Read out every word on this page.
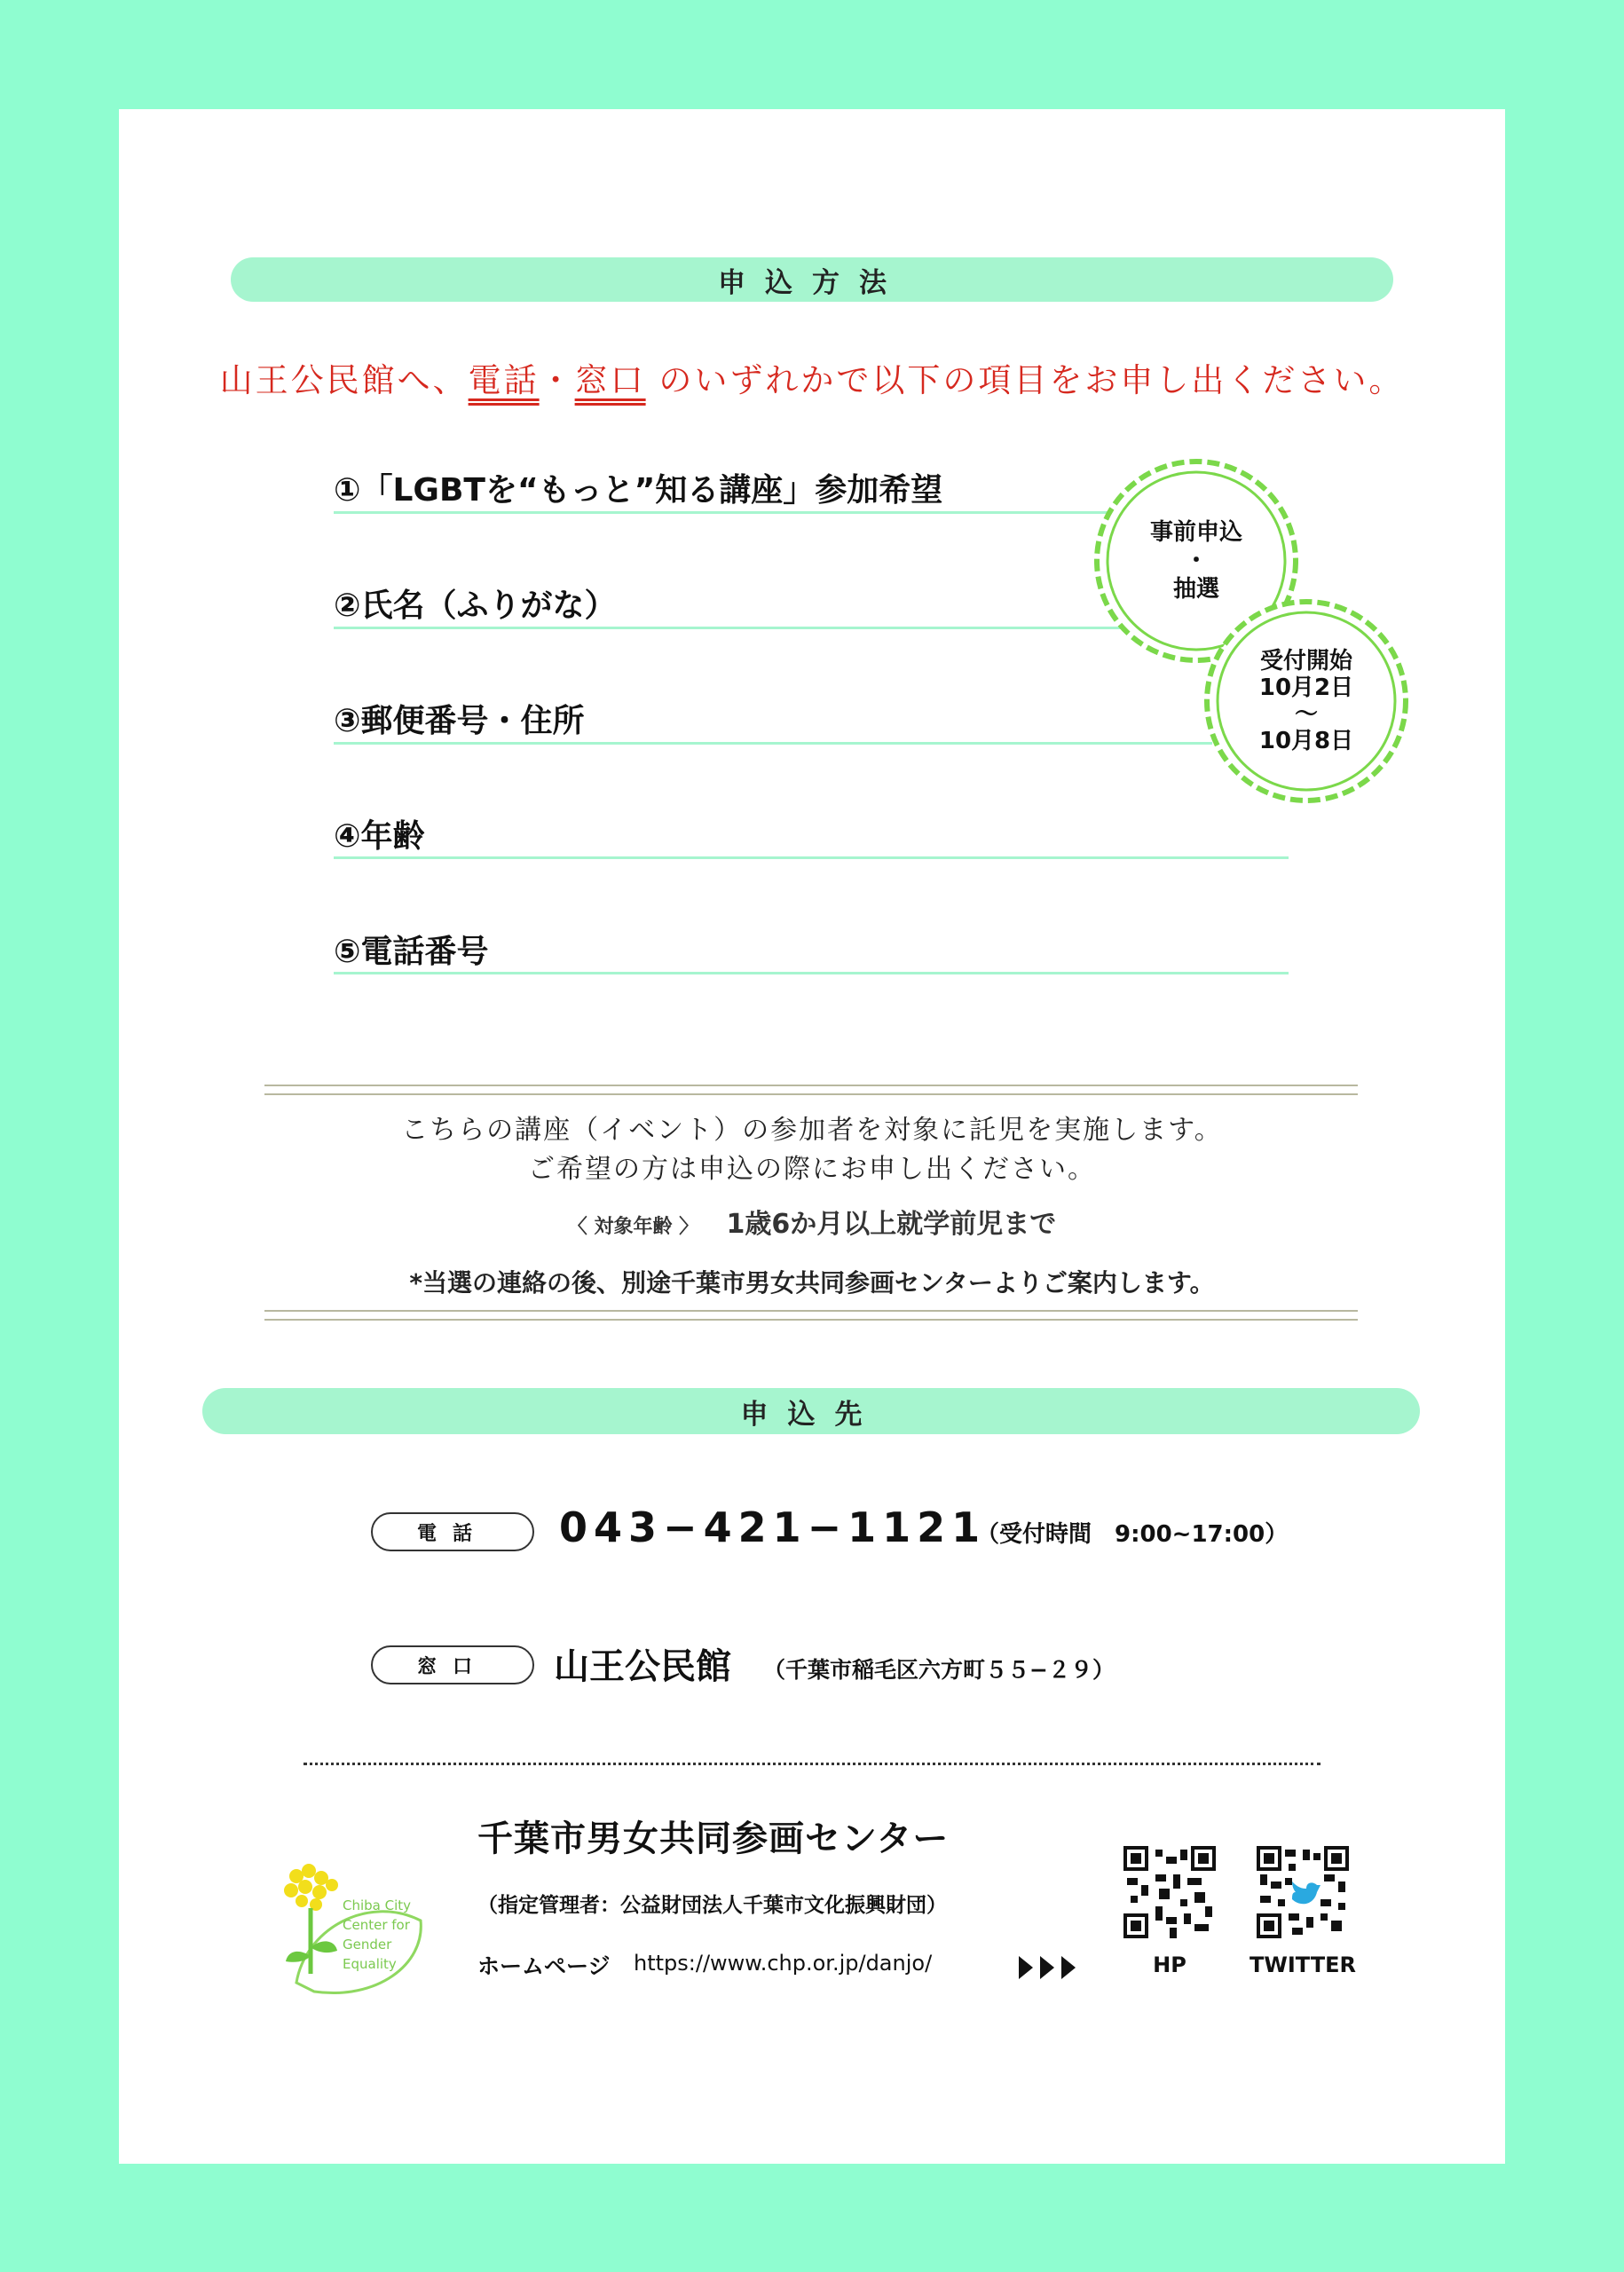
申込方法
山王公民館へ、電話・窓口 のいずれかで以下の項目をお申し出ください。
①「LGBTを“もっと”知る講座」参加希望
②氏名（ふりがな）
③郵便番号・住所
④年齢
⑤電話番号
事前申込
・
抽選
受付開始
10月2日
～
10月8日
こちらの講座（イベント）の参加者を対象に託児を実施します。
ご希望の方は申込の際にお申し出ください。
〈 対象年齢 〉 1歳6か月以上就学前児まで
*当選の連絡の後、別途千葉市男女共同参画センターよりご案内します。
申込先
電話 043−421−1121
（受付時間　9:00~17:00）
窓口 山王公民館 （千葉市稲毛区六方町５５−２９）
Chiba City
Center for
Gender
Equality
千葉市男女共同参画センター
（指定管理者：公益財団法人千葉市文化振興財団）
ホームページ https://www.chp.or.jp/danjo/	HP	TWITTER
